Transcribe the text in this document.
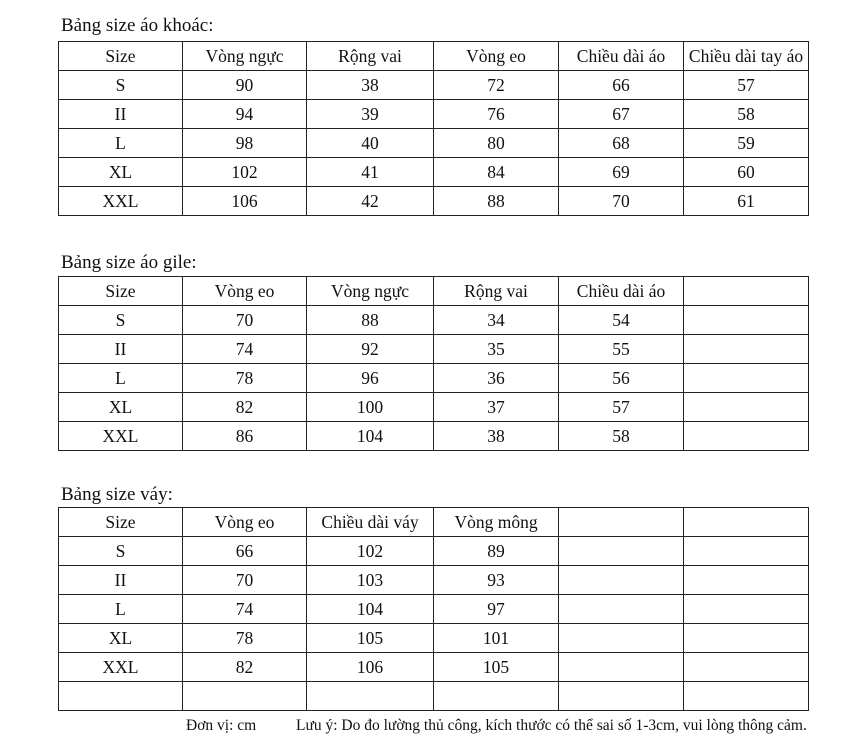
Bảng size áo khoác:
Size	Vòng ngực	Rộng vai	Vòng eo	Chiều dài áo	Chiều dài tay áo
S	90	38	72	66	57
II	94	39	76	67	58
L	98	40	80	68	59
XL	102	41	84	69	60
XXL	106	42	88	70	61
Bảng size áo gile:
Size	Vòng eo	Vòng ngực	Rộng vai	Chiều dài áo	
S	70	88	34	54	
II	74	92	35	55	
L	78	96	36	56	
XL	82	100	37	57	
XXL	86	104	38	58	
Bảng size váy:
Size	Vòng eo	Chiều dài váy	Vòng mông		
S	66	102	89		
II	70	103	93		
L	74	104	97		
XL	78	105	101		
XXL	82	106	105		

Đơn vị: cm	Lưu ý: Do đo lường thủ công, kích thước có thể sai số 1-3cm, vui lòng thông cảm.
